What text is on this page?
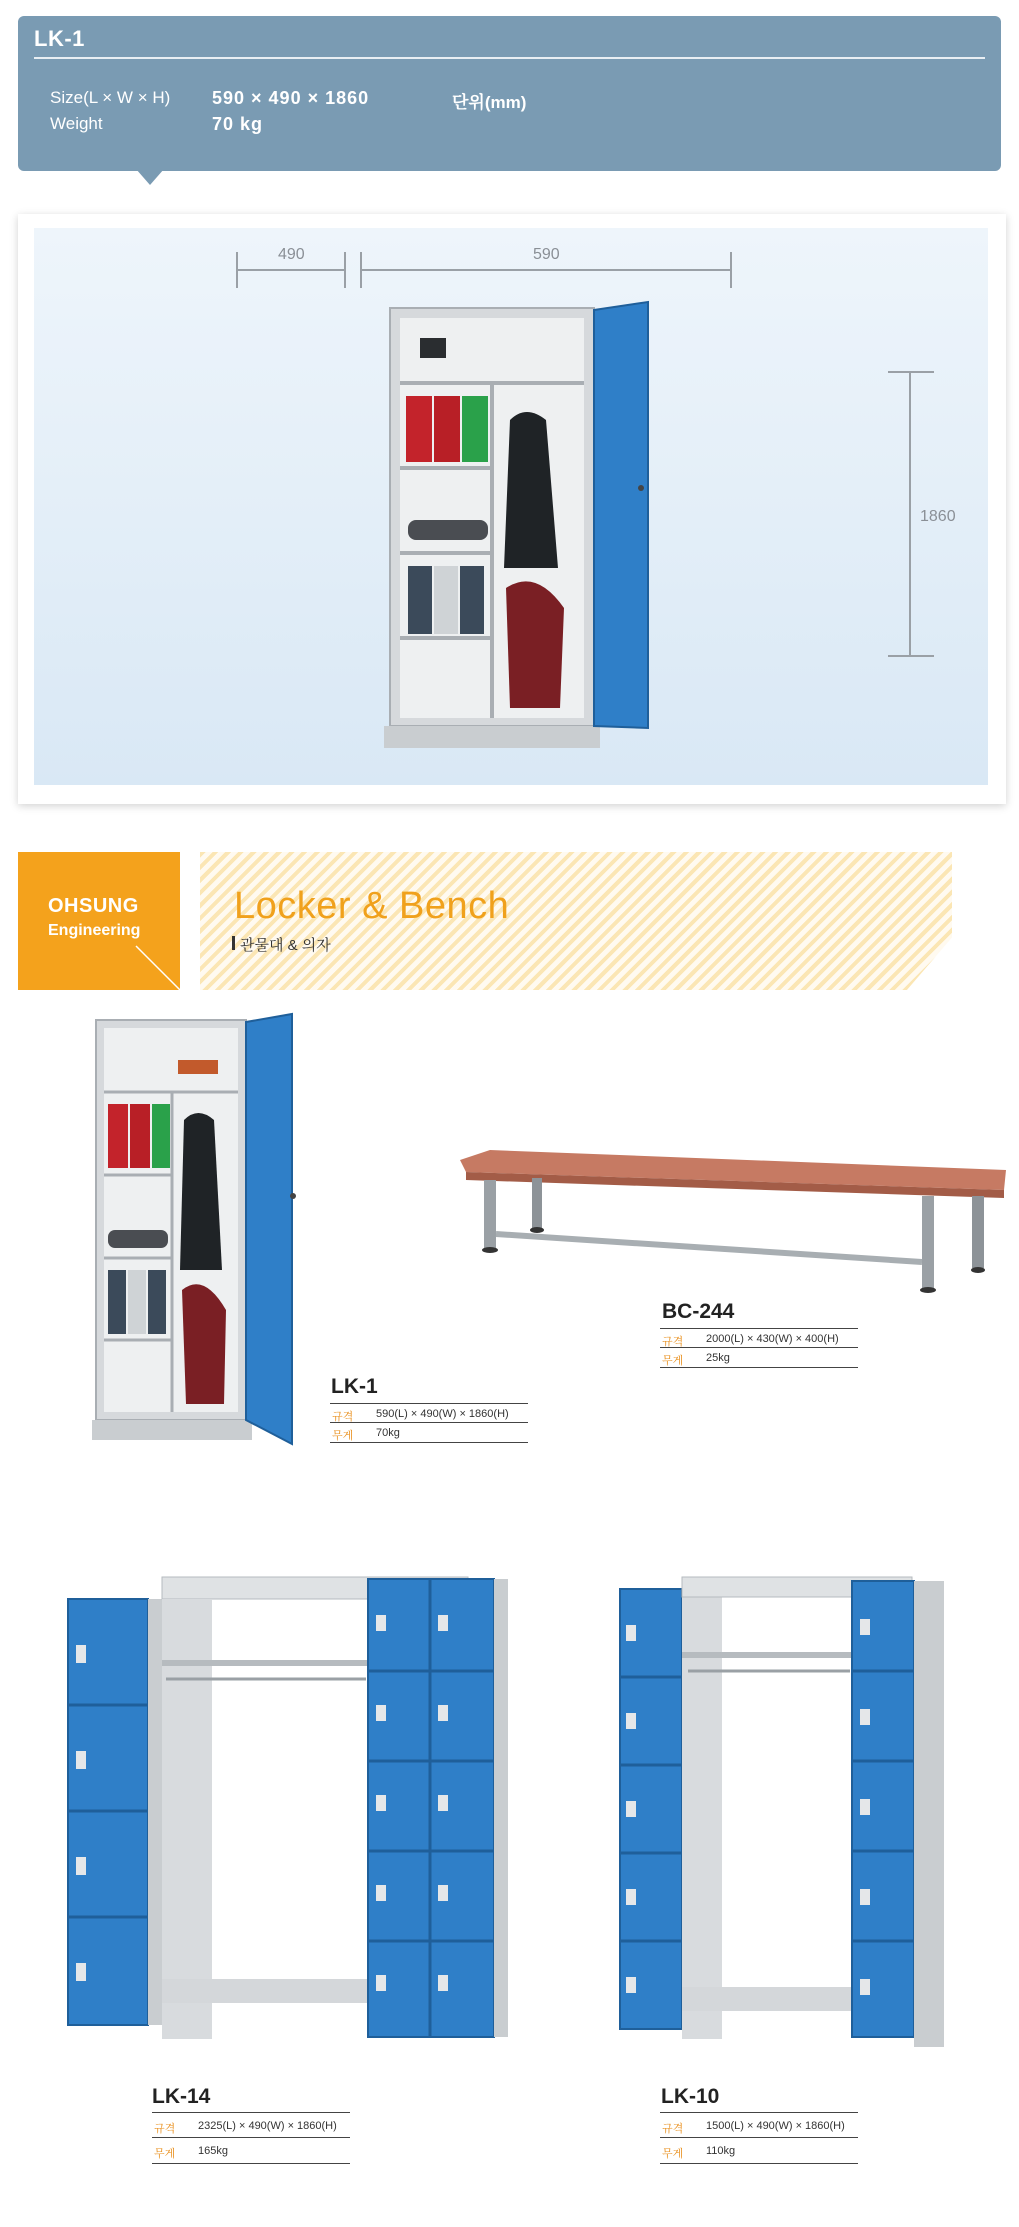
LK-1
Size(L × W × H)	590 × 490 × 1860	단위(mm)
Weight	70 kg
490	590
1860
OHSUNG
Engineering
Locker & Bench
관물대 & 의자
LK-1
규격 590(L) × 490(W) × 1860(H)
무게 70kg
BC-244
규격 2000(L) × 430(W) × 400(H)
무게 25kg
LK-14
규격 2325(L) × 490(W) × 1860(H)
무게 165kg
LK-10
규격 1500(L) × 490(W) × 1860(H)
무게 110kg
